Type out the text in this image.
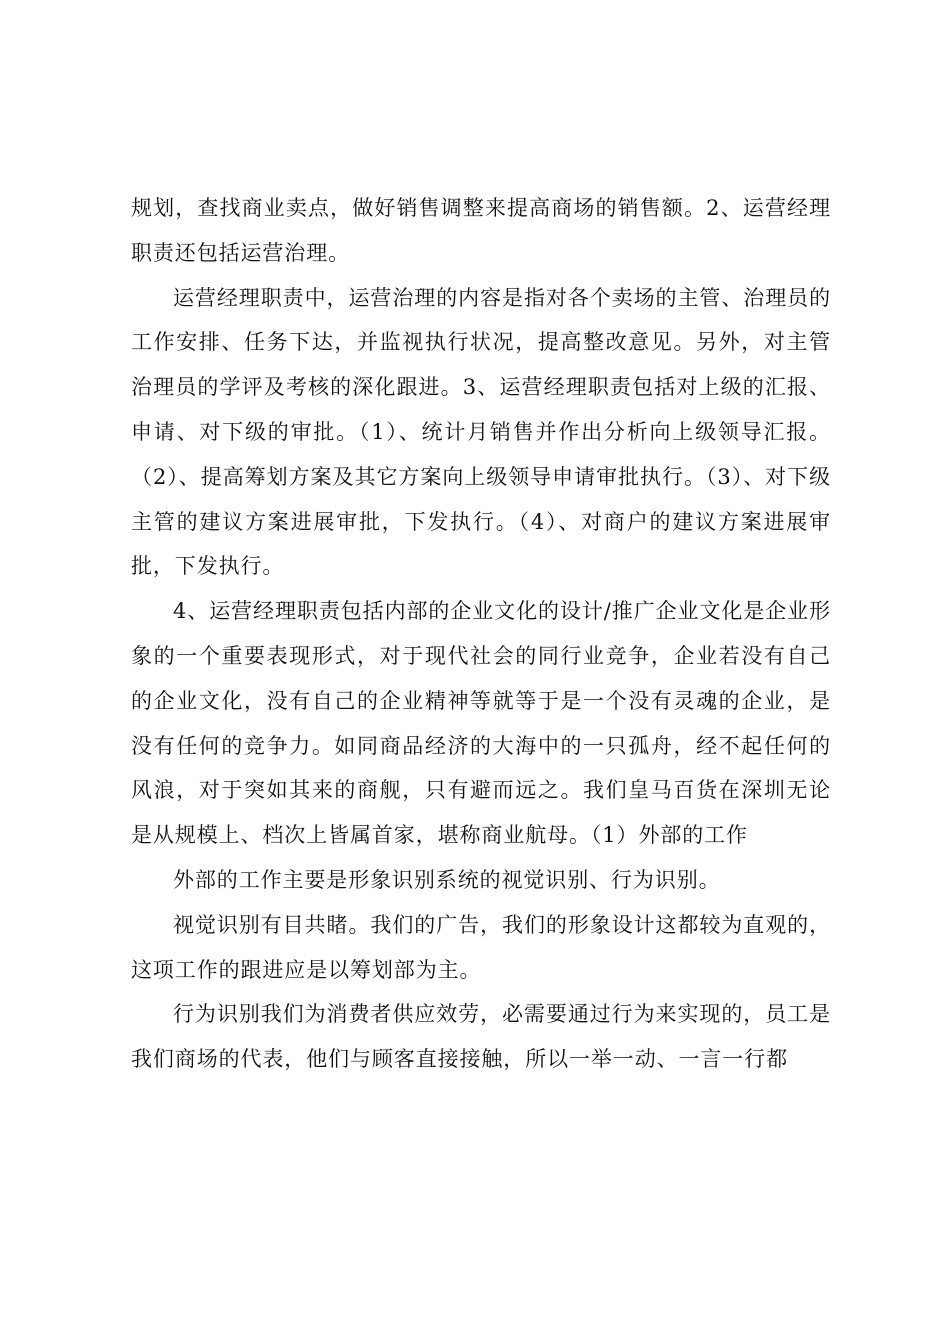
规划，查找商业卖点，做好销售调整来提高商场的销售额。2、运营经理职责还包括运营治理。

运营经理职责中，运营治理的内容是指对各个卖场的主管、治理员的工作安排、任务下达，并监视执行状况，提高整改意见。另外，对主管治理员的学评及考核的深化跟进。3、运营经理职责包括对上级的汇报、申请、对下级的审批。（1）、统计月销售并作出分析向上级领导汇报。（2）、提高筹划方案及其它方案向上级领导申请审批执行。（3）、对下级主管的建议方案进展审批，下发执行。（4）、对商户的建议方案进展审批，下发执行。

4、运营经理职责包括内部的企业文化的设计/推广企业文化是企业形象的一个重要表现形式，对于现代社会的同行业竞争，企业若没有自己的企业文化，没有自己的企业精神等就等于是一个没有灵魂的企业，是没有任何的竞争力。如同商品经济的大海中的一只孤舟，经不起任何的风浪，对于突如其来的商舰，只有避而远之。我们皇马百货在深圳无论是从规模上、档次上皆属首家，堪称商业航母。（1）外部的工作

外部的工作主要是形象识别系统的视觉识别、行为识别。

视觉识别有目共睹。我们的广告，我们的形象设计这都较为直观的，这项工作的跟进应是以筹划部为主。

行为识别我们为消费者供应效劳，必需要通过行为来实现的，员工是我们商场的代表，他们与顾客直接接触，所以一举一动、一言一行都
